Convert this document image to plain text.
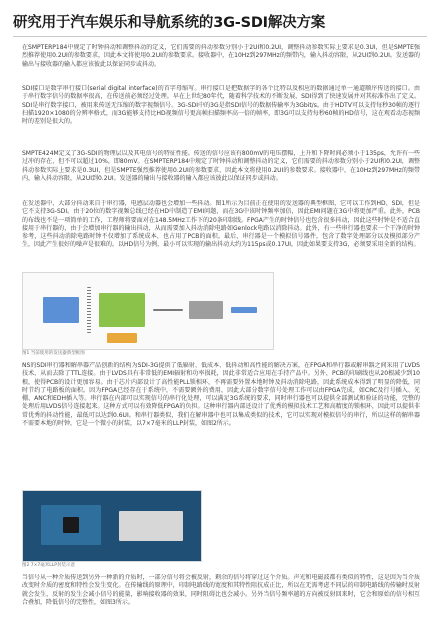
研究用于汽车娱乐和导航系统的3G-SDI解决方案
在SMPTERP184中规定了时钟抖动和调整抖动的定义，它们需要的抖动参数分别小于2UI和0.2UI，调整抖动参数实际上要求是0.3UI，但是SMPTE强烈推荐使用0.2UI的参数要求，因此本文将使用0.2UI的参数要求。接收器中，在10Hz到297MHz的频带内，输入抖动容限，从2UI到0.2UI。发送器的输出与接收器的输入都应该彼此以保证同步或抖动。
SDI接口是数字串行接口(serial digital interface)的首字母缩写。串行接口是把数据字的各个比特以及相应的数据通过单一通道顺序传送的接口。由于串行数字信号的数据率很高，在传送前必须经过处理。早在上世纪80年代，随着科学技术的不断发展，SDI得到了快速发展并对其标准作出了定义。SDI是串行数字接口，被用来传送无压缩的数字视频信号。3G-SDI中的3G是指SDI信号的数据传输率为3Gbit/s。由于HDTV可以支持每秒30帧的逐行扫描1920×1080的分辨率格式，而3G能够支持比HD视频信号更高帧扫描频率高一倍的帧率，即3G可以支持每秒60帧的HD信号，这在观看动态视频时的差别是很大的。
SMPTE424M定义了3G-SDI的物理层以及其电信号的特征性能。传送的信号应该有800mV的电压摆幅，上升和下降时间必须小于135ps，允许有一些过冲的存在，但不可以超过10%，即80mV。在SMPTERP184中规定了时钟抖动和调整抖动的定义，它们需要的抖动参数分别小于2UI和0.2UI，调整抖动参数实际上要求是0.3UI，但是SMPTE强烈推荐使用0.2UI的参数要求，因此本文将使用0.2UI的参数要求。接收器中，在10Hz到297MHz的频带内，输入抖动容限，从2UI到0.2UI。发送器的输出与接收器的输入都应该彼此以保证同步或抖动。
在发送器中，大部分抖动来自于串行器，电感层动器也会增加一些抖动。图1所示为目前正在使用的发送器的典型框图，它可以工作到HD、SDI，但是它不支持3G-SDI。由于20位的数字视频总线已经在HD中制造了EMI问题，而在3G中该时钟频率加倍，因此EMI问题在3G中将更加严重。此外，PCB的布线也不是一项简单的工作，工程师将要面对在148.5MHz工作下的20条印制线。FPGA产生的时钟信号也包含很多抖动，因此这些时钟是不适合直接用于串行器的，由于会增加串行器的输出抖动，从而需要加入抖动消除电路如Genlock电路以消除抖动。此外，有一些串行器也要求一个干净的时钟参考，这些抖动消除电路时钟不仅增加了系统成本，也占用了PCB的面积。最后，串行器是一个模拟信号器件，包含了数字处理部分以及模拟部分产生，因此产生很好的噪声是很难的。以HD信号为例，最小可以实现的输出抖动大约为115ps或0.17UI，因此如果要支持3G，必须要采用全新的结构。
图1 当前使用的发送器典型框图
NS的SDI串行器和解串器产品创新的结构为SDI-3G提供了低辐射、低成本、低抖动和高性能的解决方案，在FPGA和串行器或解串器之间采用了LVDS技术，从而去除了TTL连接。由于LVDS具有非常低的EMI辐射和功率损耗，因此非常适合应用在手持产品中。另外，PCB的印刷线也从20根减少到10根，使得PCB的设计更加容易。由于芯片内部设计了高性能PLL锁相环，不再需要外置本地时钟及抖动消除电路，因此系统成本得到了明显的降低，同时节约了电路板的面积。因为FPGA已经存在于系统中，不需要额外的费用，因此大部分数字信号处理工作可以由FPGA完成，如CRC及行号插入、光棚、ANC和EDH插入等。串行器在内部可以实现信号的串行化处理，可以满足3G系统的要求，同时串行器也可以提供全部测试和验证的功能，完整的处理后用LVDS信号连接起来。这种方式可以有效降低FPGA的负担。这种串行器内部还设计了优秀的模拟技术工艺和高精度的锁相环，因此可以提供非常优秀的抖动性能，最低可以达到0.6UI。和串行器类似，我们在解串器中也可以集成类似的技术，它可以实现对模拟信号的串行，所以这样的解串器不需要本地的时钟，它是一个微小的封装，以7×7毫米的LLP封装，如图2所示。
图2 7×7毫米LLP封装示意
当信号从一种介质传送到另外一种新的介质时，一部分信号将会被反射，剩余的信号将穿过这个介质。声光和电磁波都有类似的特性，这是因为当介质改变时介质的密度和特性会发生变化。在传输线的原理中，印制电路线的宽度和其特性阻抗成正比，所以在无需考虑不同层的印制电路线的传输时反射就会发生，反射的发生会减小信号的能量，影响接收器的效果，同时阻碍比也会减小。另外当信号频率越的方向被反射回来时，它会和原始的信号相互合叠加，降低信号的完整性，如图3所示。
